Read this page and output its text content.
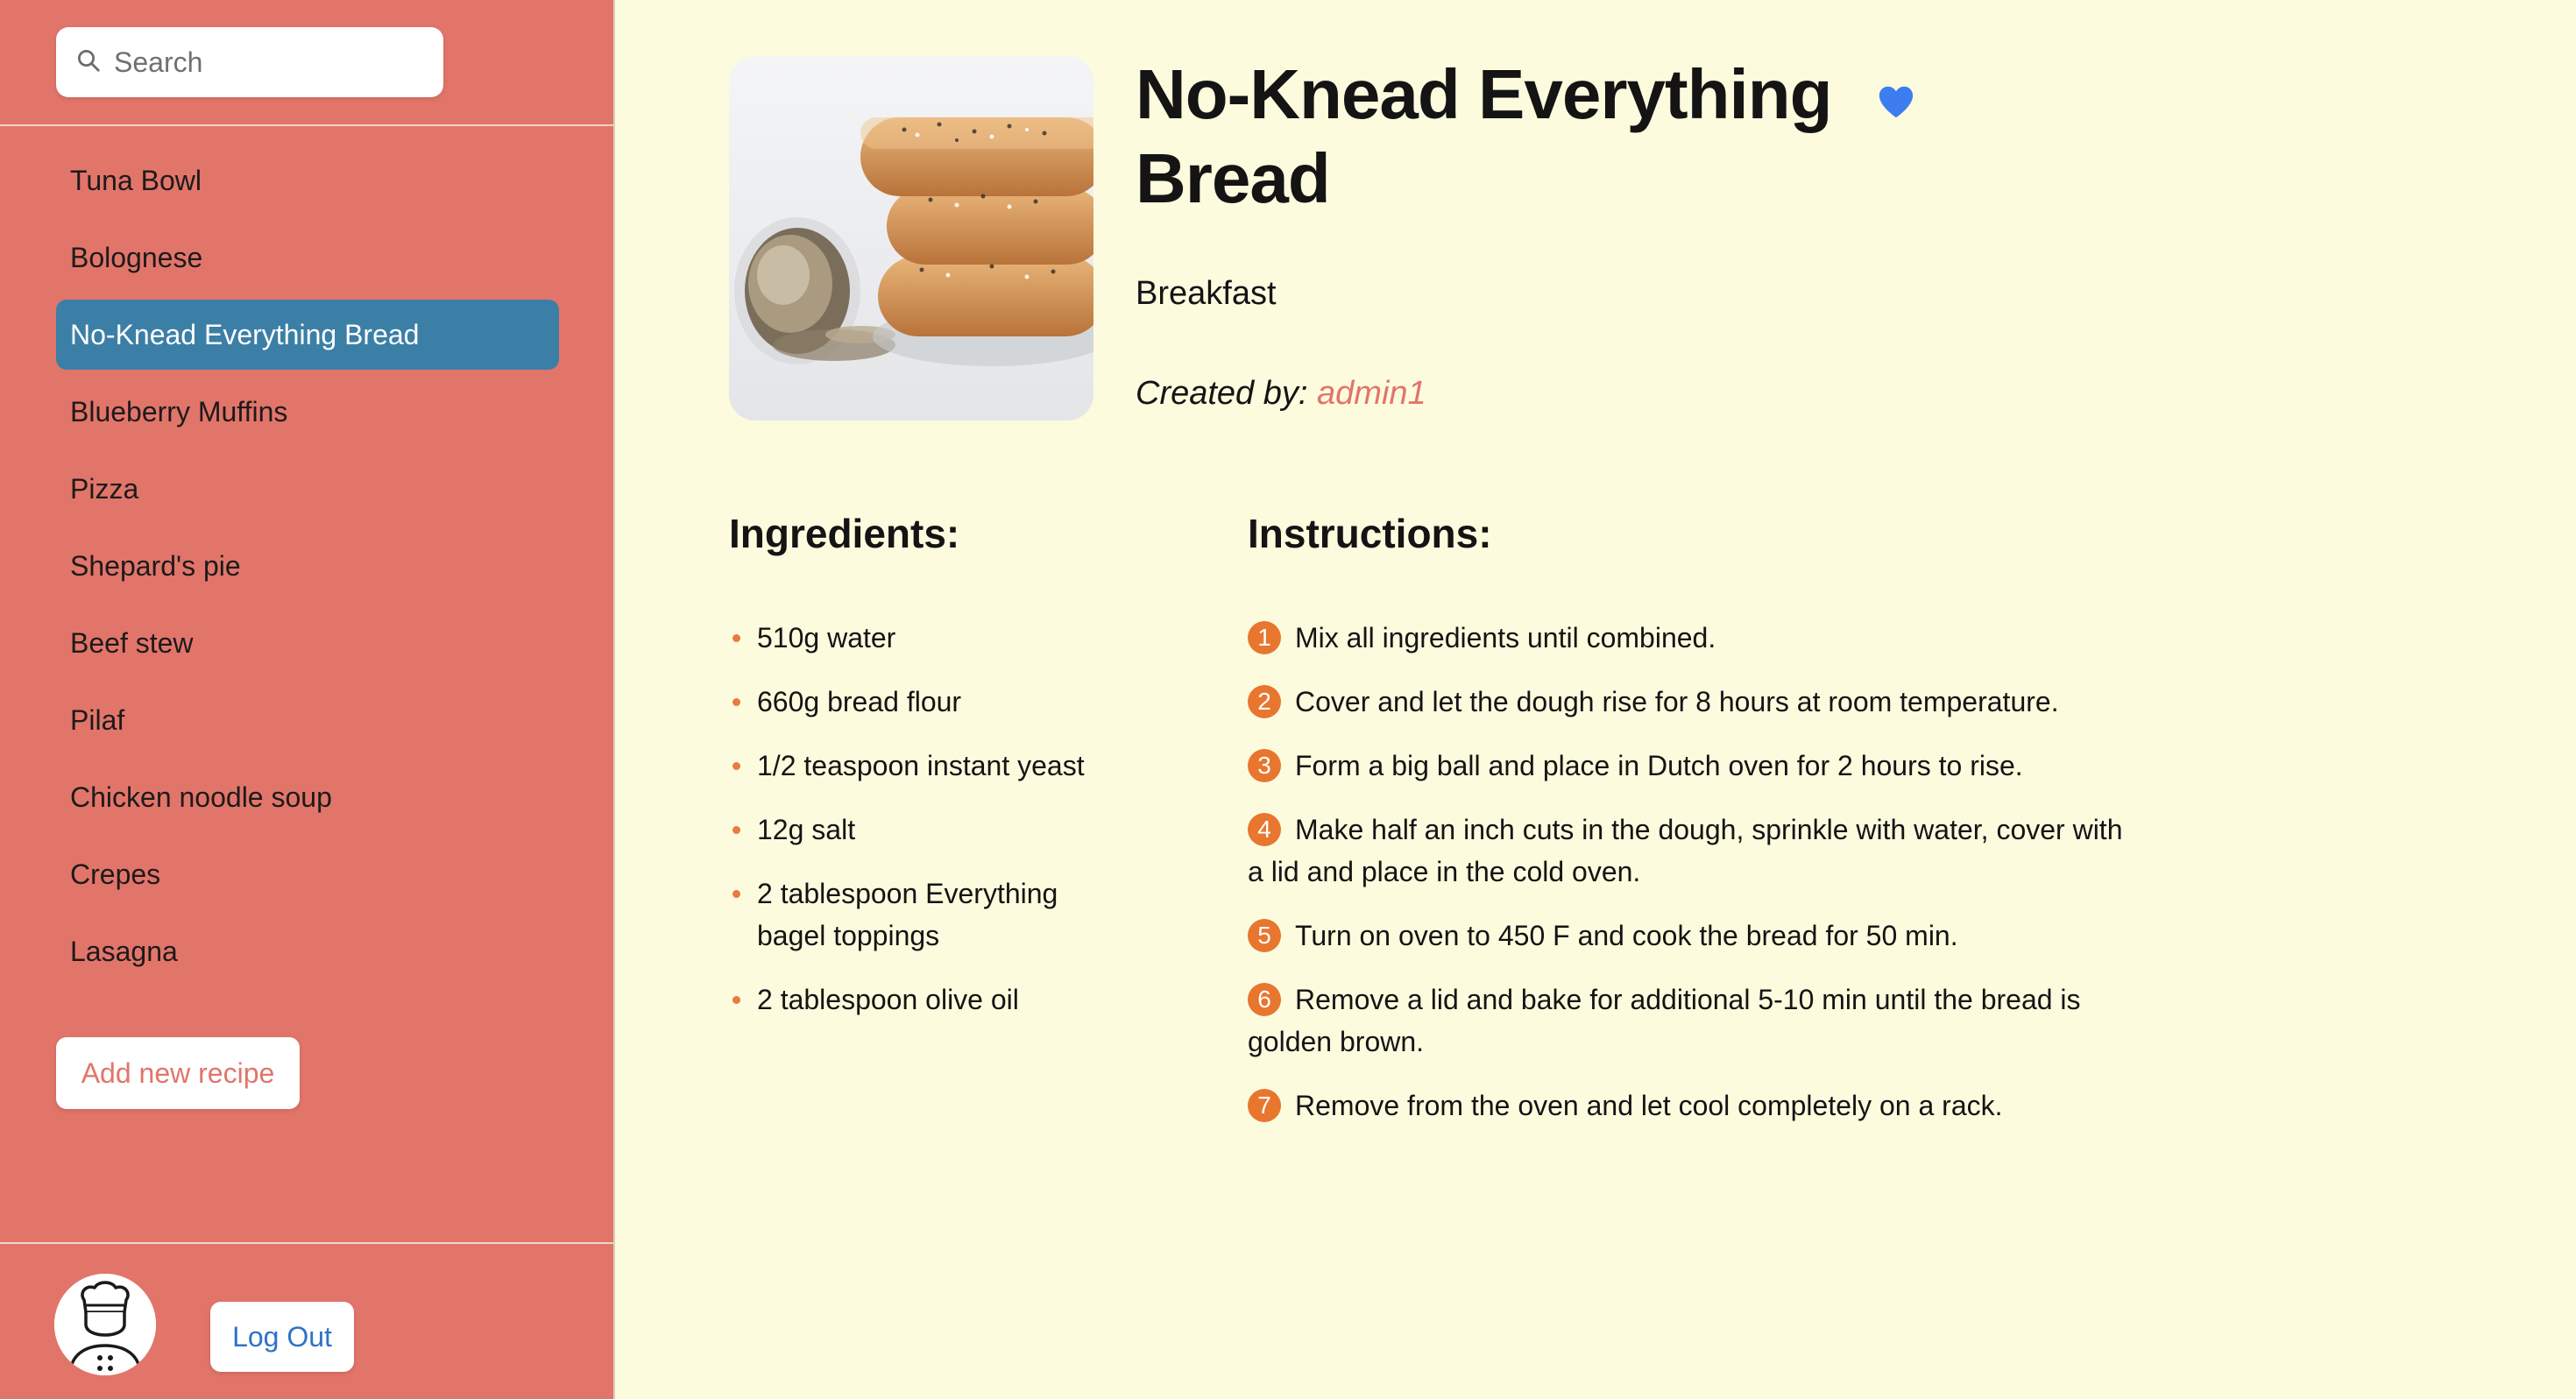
Search
Tuna Bowl
Bolognese
No-Knead Everything Bread
Blueberry Muffins
Pizza
Shepard's pie
Beef stew
Pilaf
Chicken noodle soup
Crepes
Lasagna
Add new recipe
Log Out
No-Knead Everything Bread
Breakfast
Created by: admin1
Ingredients:	Instructions:
510g water
660g bread flour
1/2 teaspoon instant yeast
12g salt
2 tablespoon Everything bagel toppings
2 tablespoon olive oil
1 Mix all ingredients until combined.
2 Cover and let the dough rise for 8 hours at room temperature.
3 Form a big ball and place in Dutch oven for 2 hours to rise.
4 Make half an inch cuts in the dough, sprinkle with water, cover with a lid and place in the cold oven.
5 Turn on oven to 450 F and cook the bread for 50 min.
6 Remove a lid and bake for additional 5-10 min until the bread is golden brown.
7 Remove from the oven and let cool completely on a rack.
